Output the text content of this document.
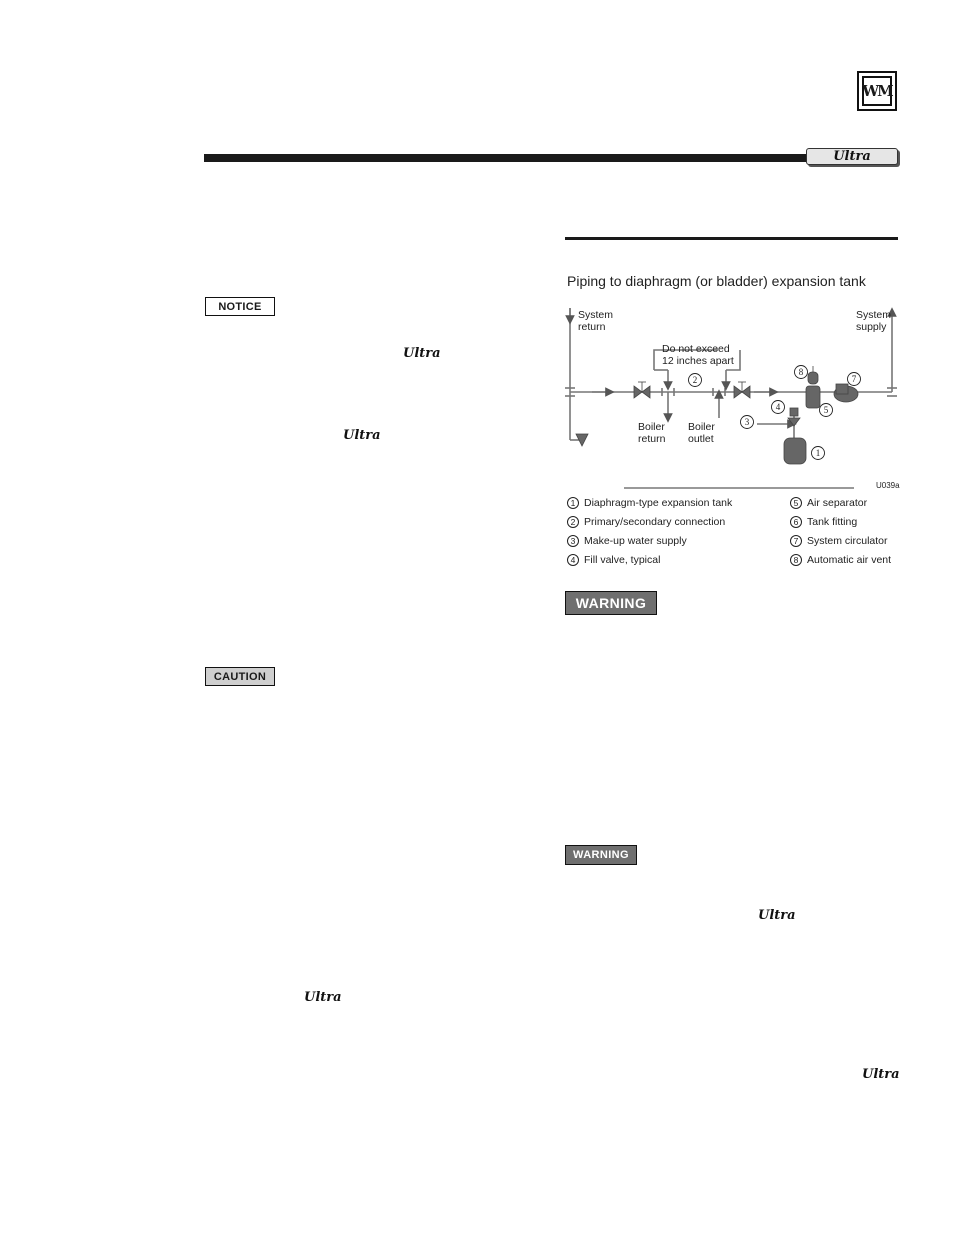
WM
Ultra
NOTICE
Ultra
Ultra
CAUTION
Ultra
Piping to diaphragm (or bladder) expansion tank
System
return
System
supply
Do not exceed
12 inches apart
Boiler
return
Boiler
outlet
U039a
1
2
3
4	5
7
8
1 Diaphragm-type expansion tank
2 Primary/secondary connection
3 Make-up water supply
4 Fill valve, typical
5 Air separator
6 Tank fitting
7 System circulator
8 Automatic air vent
WARNING
WARNING
Ultra
Ultra
